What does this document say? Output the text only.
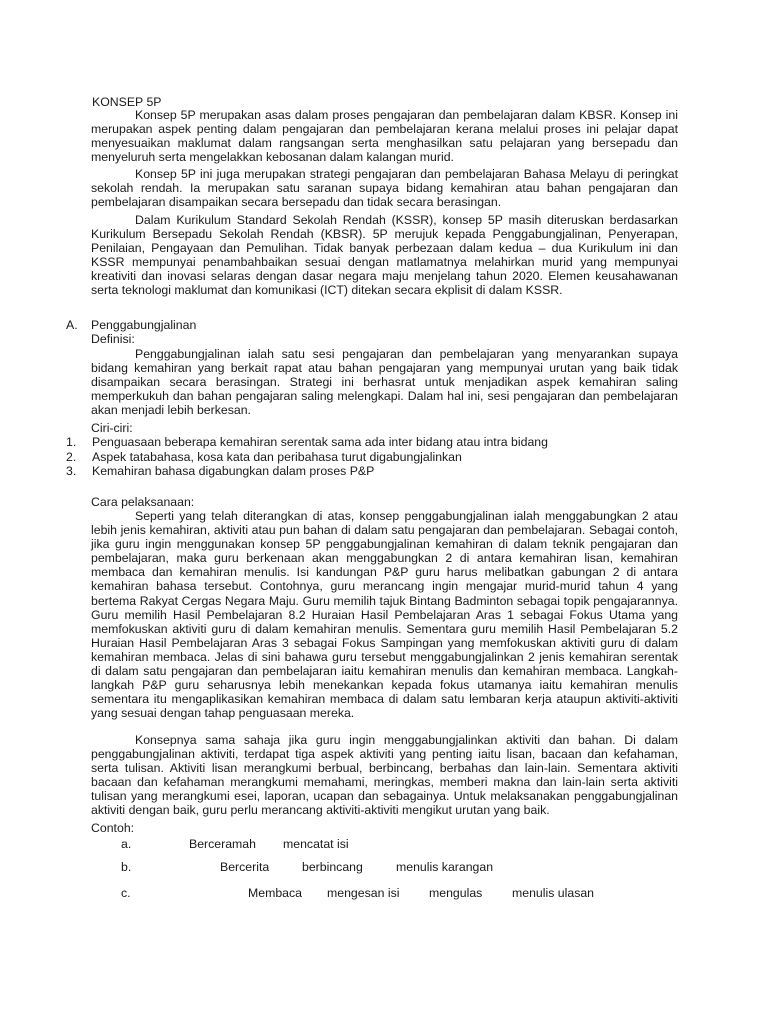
KONSEP 5P

Konsep 5P merupakan asas dalam proses pengajaran dan pembelajaran dalam KBSR. Konsep ini merupakan aspek penting dalam pengajaran dan pembelajaran kerana melalui proses ini pelajar dapat menyesuaikan maklumat dalam rangsangan serta menghasilkan satu pelajaran yang bersepadu dan menyeluruh serta mengelakkan kebosanan dalam kalangan murid.

Konsep 5P ini juga merupakan strategi pengajaran dan pembelajaran Bahasa Melayu di peringkat sekolah rendah. Ia merupakan satu saranan supaya bidang kemahiran atau bahan pengajaran dan pembelajaran disampaikan secara bersepadu dan tidak secara berasingan.

Dalam Kurikulum Standard Sekolah Rendah (KSSR), konsep 5P masih diteruskan berdasarkan Kurikulum Bersepadu Sekolah Rendah (KBSR). 5P merujuk kepada Penggabungjalinan, Penyerapan, Penilaian, Pengayaan dan Pemulihan. Tidak banyak perbezaan dalam kedua – dua Kurikulum ini dan KSSR mempunyai penambahbaikan sesuai dengan matlamatnya melahirkan murid yang mempunyai kreativiti dan inovasi selaras dengan dasar negara maju menjelang tahun 2020. Elemen keusahawanan serta teknologi maklumat dan komunikasi (ICT) ditekan secara ekplisit di dalam KSSR.

A. Penggabungjalinan
Definisi:

Penggabungjalinan ialah satu sesi pengajaran dan pembelajaran yang menyarankan supaya bidang kemahiran yang berkait rapat atau bahan pengajaran yang mempunyai urutan yang baik tidak disampaikan secara berasingan. Strategi ini berhasrat untuk menjadikan aspek kemahiran saling memperkukuh dan bahan pengajaran saling melengkapi. Dalam hal ini, sesi pengajaran dan pembelajaran akan menjadi lebih berkesan.

Ciri-ciri:
1. Penguasaan beberapa kemahiran serentak sama ada inter bidang atau intra bidang
2. Aspek tatabahasa, kosa kata dan peribahasa turut digabungjalinkan
3. Kemahiran bahasa digabungkan dalam proses P&P
Cara pelaksanaan:

Seperti yang telah diterangkan di atas, konsep penggabungjalinan ialah menggabungkan 2 atau lebih jenis kemahiran, aktiviti atau pun bahan di dalam satu pengajaran dan pembelajaran. Sebagai contoh, jika guru ingin menggunakan konsep 5P penggabungjalinan kemahiran di dalam teknik pengajaran dan pembelajaran, maka guru berkenaan akan menggabungkan 2 di antara kemahiran lisan, kemahiran membaca dan kemahiran menulis. Isi kandungan P&P guru harus melibatkan gabungan 2 di antara kemahiran bahasa tersebut. Contohnya, guru merancang ingin mengajar murid-murid tahun 4 yang bertema Rakyat Cergas Negara Maju. Guru memilih tajuk Bintang Badminton sebagai topik pengajarannya. Guru memilih Hasil Pembelajaran 8.2 Huraian Hasil Pembelajaran Aras 1 sebagai Fokus Utama yang memfokuskan aktiviti guru di dalam kemahiran menulis. Sementara guru memilih Hasil Pembelajaran 5.2 Huraian Hasil Pembelajaran Aras 3 sebagai Fokus Sampingan yang memfokuskan aktiviti guru di dalam kemahiran membaca. Jelas di sini bahawa guru tersebut menggabungjalinkan 2 jenis kemahiran serentak di dalam satu pengajaran dan pembelajaran iaitu kemahiran menulis dan kemahiran membaca. Langkah-langkah P&P guru seharusnya lebih menekankan kepada fokus utamanya iaitu kemahiran menulis sementara itu mengaplikasikan kemahiran membaca di dalam satu lembaran kerja ataupun aktiviti-aktiviti yang sesuai dengan tahap penguasaan mereka.

Konsepnya sama sahaja jika guru ingin menggabungjalinkan aktiviti dan bahan. Di dalam penggabungjalinan aktiviti, terdapat tiga aspek aktiviti yang penting iaitu lisan, bacaan dan kefahaman, serta tulisan. Aktiviti lisan merangkumi berbual, berbincang, berbahas dan lain-lain. Sementara aktiviti bacaan dan kefahaman merangkumi memahami, meringkas, memberi makna dan lain-lain serta aktiviti tulisan yang merangkumi esei, laporan, ucapan dan sebagainya. Untuk melaksanakan penggabungjalinan aktiviti dengan baik, guru perlu merancang aktiviti-aktiviti mengikut urutan yang baik.

Contoh:
a.	Berceramah mencatat isi
b.	Bercerita	berbincang	menulis karangan
c.	Membaca mengesan isi mengulas menulis ulasan
